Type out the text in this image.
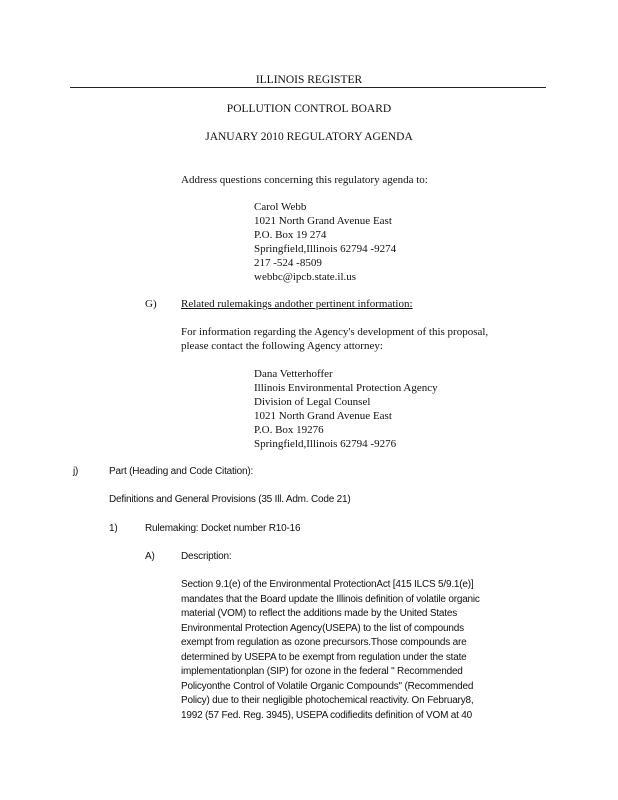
ILLINOIS REGISTER
POLLUTION CONTROL BOARD
JANUARY 2010 REGULATORY AGENDA
Address questions concerning this regulatory agenda to:
Carol Webb
1021 North Grand Avenue East
P.O. Box 19 274
Springfield,Illinois 62794 -9274
217 -524 -8509
webbc@ipcb.state.il.us
G) Related rulemakings andother pertinent information:
For information regarding the Agency's development of this proposal,
please contact the following Agency attorney:
Dana Vetterhoffer
Illinois Environmental Protection Agency
Division of Legal Counsel
1021 North Grand Avenue East
P.O. Box 19276
Springfield,Illinois 62794 -9276
j)	Part (Heading and Code Citation):
Definitions and General Provisions (35 Ill. Adm. Code 21)
1)	Rulemaking: Docket number R10-16
A)	Description:
Section 9.1(e) of the Environmental ProtectionAct [415 ILCS 5/9.1(e)]
mandates that the Board update the Illinois definition of volatile organic
material (VOM) to reflect the additions made by the United States
Environmental Protection Agency(USEPA) to the list of compounds
exempt from regulation as ozone precursors.Those compounds are
determined by USEPA to be exempt from regulation under the state
implementationplan (SIP) for ozone in the federal " Recommended
Policyonthe Control of Volatile Organic Compounds" (Recommended
Policy) due to their negligible photochemical reactivity. On February8,
1992 (57 Fed. Reg. 3945), USEPA codifiedits definition of VOM at 40
